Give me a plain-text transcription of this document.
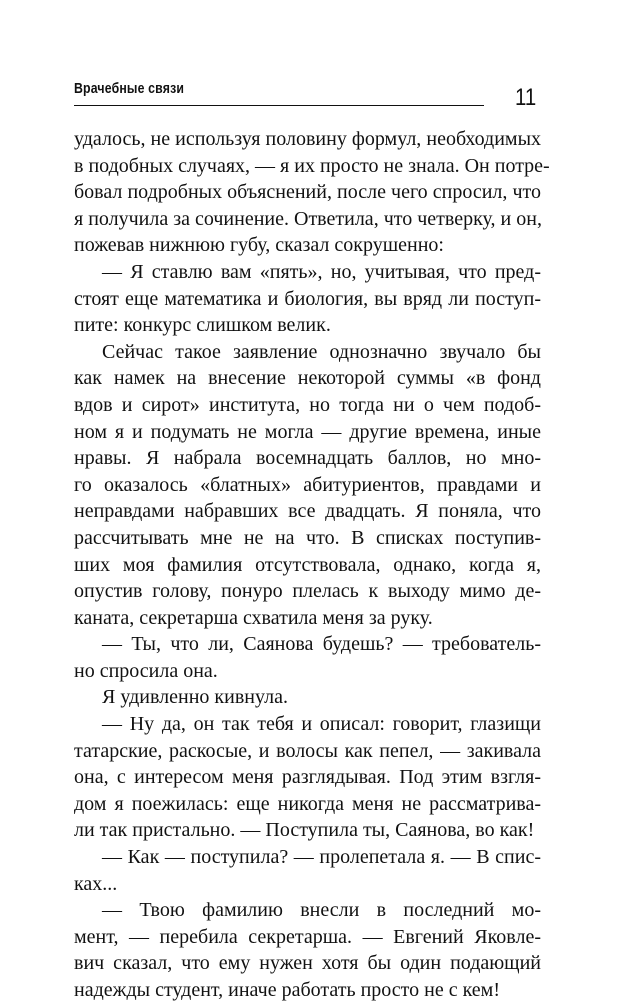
Врачебные связи	11
удалось, не используя половину формул, необходимых
в подобных случаях, — я их просто не знала. Он потре-
бовал подробных объяснений, после чего спросил, что
я получила за сочинение. Ответила, что четверку, и он,
пожевав нижнюю губу, сказал сокрушенно:
— Я ставлю вам «пять», но, учитывая, что пред-
стоят еще математика и биология, вы вряд ли поступ-
пите: конкурс слишком велик.
Сейчас такое заявление однозначно звучало бы
как намек на внесение некоторой суммы «в фонд
вдов и сирот» института, но тогда ни о чем подоб-
ном я и подумать не могла — другие времена, иные
нравы. Я набрала восемнадцать баллов, но мно-
го оказалось «блатных» абитуриентов, правдами и
неправдами набравших все двадцать. Я поняла, что
рассчитывать мне не на что. В списках поступив-
ших моя фамилия отсутствовала, однако, когда я,
опустив голову, понуро плелась к выходу мимо де-
каната, секретарша схватила меня за руку.
— Ты, что ли, Саянова будешь? — требователь-
но спросила она.
Я удивленно кивнула.
— Ну да, он так тебя и описал: говорит, глазищи
татарские, раскосые, и волосы как пепел, — закивала
она, с интересом меня разглядывая. Под этим взгля-
дом я поежилась: еще никогда меня не рассматрива-
ли так пристально. — Поступила ты, Саянова, во как!
— Как — поступила? — пролепетала я. — В спис-
ках...
— Твою фамилию внесли в последний мо-
мент, — перебила секретарша. — Евгений Яковле-
вич сказал, что ему нужен хотя бы один подающий
надежды студент, иначе работать просто не с кем!
